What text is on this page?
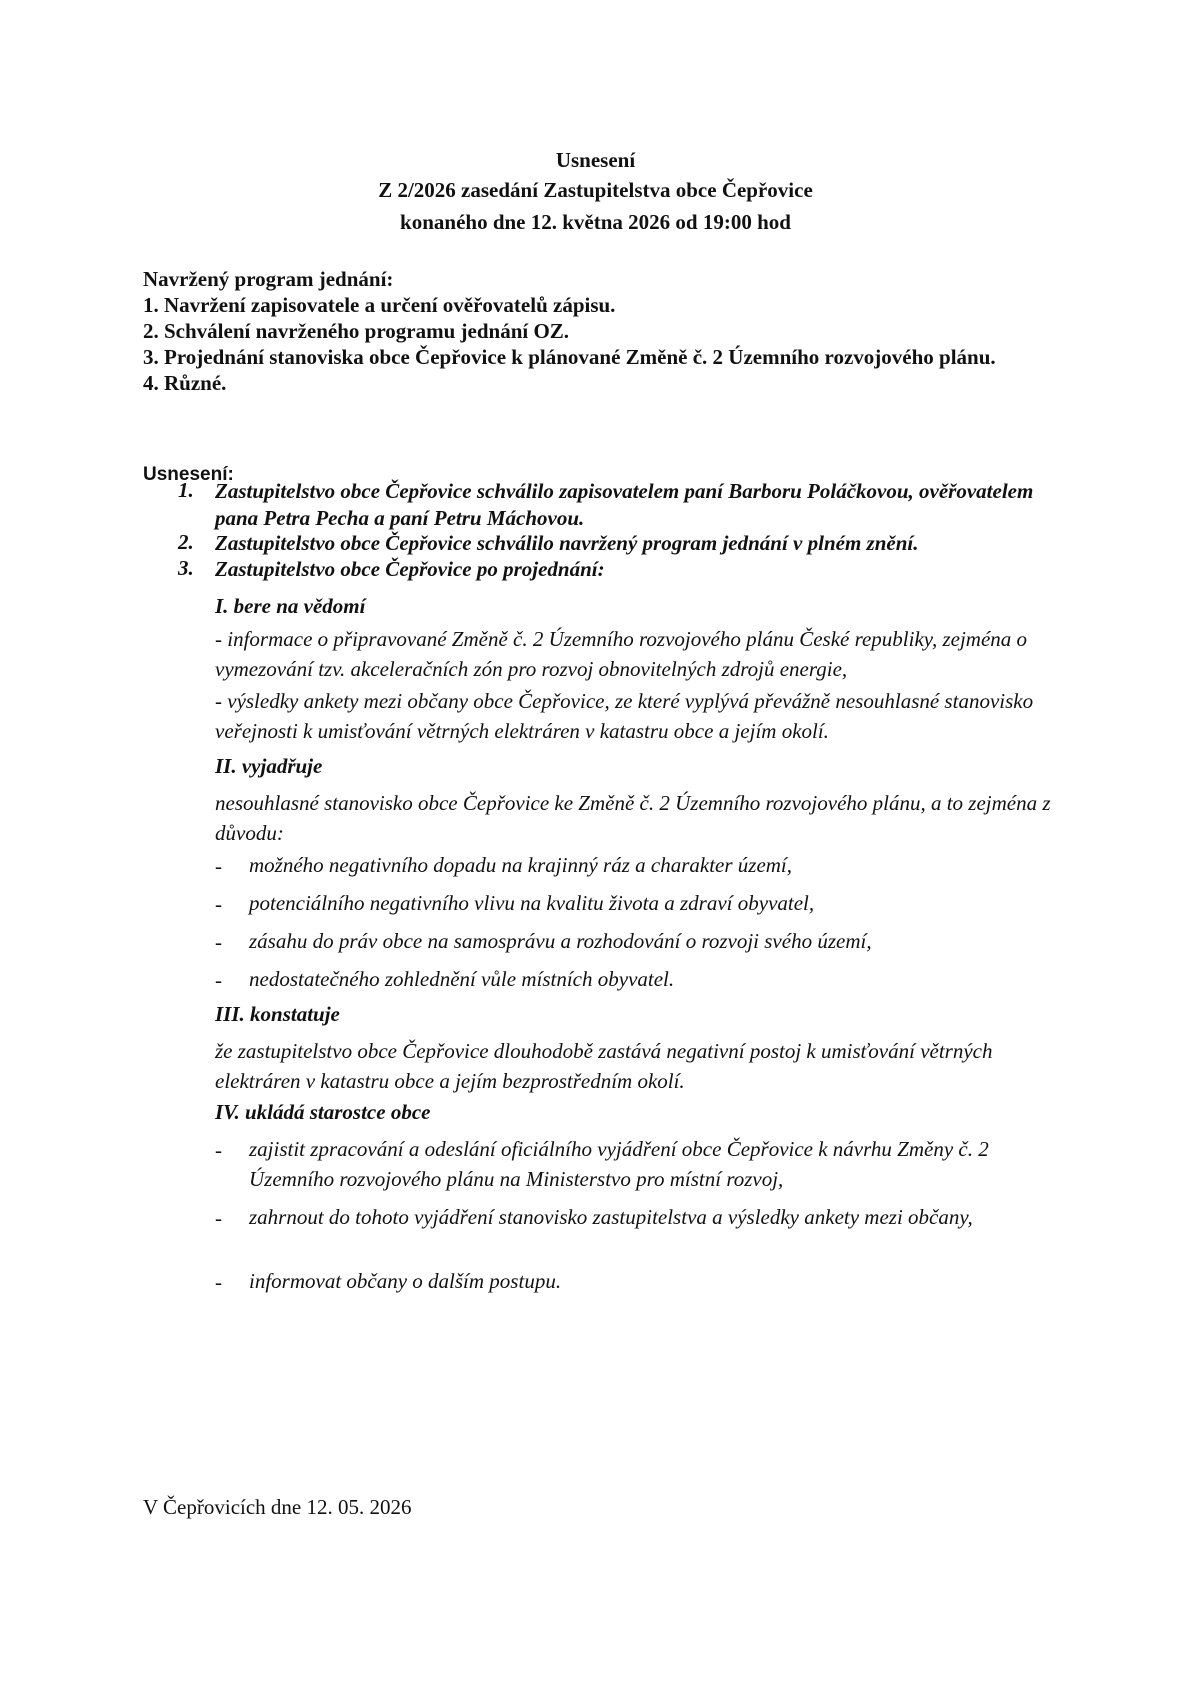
Usnesení
Z 2/2026 zasedání Zastupitelstva obce Čepřovice
konaného dne 12. května 2026 od 19:00 hod
Navržený program jednání:
1. Navržení zapisovatele a určení ověřovatelů zápisu.
2. Schválení navrženého programu jednání OZ.
3. Projednání stanoviska obce Čepřovice k plánované Změně č. 2 Územního rozvojového plánu.
4. Různé.
Usnesení:
1.	Zastupitelstvo obce Čepřovice schválilo zapisovatelem paní Barboru Poláčkovou, ověřovatelem pana Petra Pecha a paní Petru Máchovou.
2.	Zastupitelstvo obce Čepřovice schválilo navržený program jednání v plném znění.
3.	Zastupitelstvo obce Čepřovice po projednání:
I. bere na vědomí
- informace o připravované Změně č. 2 Územního rozvojového plánu České republiky, zejména o vymezování tzv. akceleračních zón pro rozvoj obnovitelných zdrojů energie,
- výsledky ankety mezi občany obce Čepřovice, ze které vyplývá převážně nesouhlasné stanovisko veřejnosti k umisťování větrných elektráren v katastru obce a jejím okolí.
II. vyjadřuje
nesouhlasné stanovisko obce Čepřovice ke Změně č. 2 Územního rozvojového plánu, a to zejména z důvodu:
- možného negativního dopadu na krajinný ráz a charakter území,
- potenciálního negativního vlivu na kvalitu života a zdraví obyvatel,
- zásahu do práv obce na samosprávu a rozhodování o rozvoji svého území,
- nedostatečného zohlednění vůle místních obyvatel.
III. konstatuje
že zastupitelstvo obce Čepřovice dlouhodobě zastává negativní postoj k umisťování větrných elektráren v katastru obce a jejím bezprostředním okolí.
IV. ukládá starostce obce
- zajistit zpracování a odeslání oficiálního vyjádření obce Čepřovice k návrhu Změny č. 2 Územního rozvojového plánu na Ministerstvo pro místní rozvoj,
- zahrnout do tohoto vyjádření stanovisko zastupitelstva a výsledky ankety mezi občany,
- informovat občany o dalším postupu.
V Čepřovicích dne 12. 05. 2026
